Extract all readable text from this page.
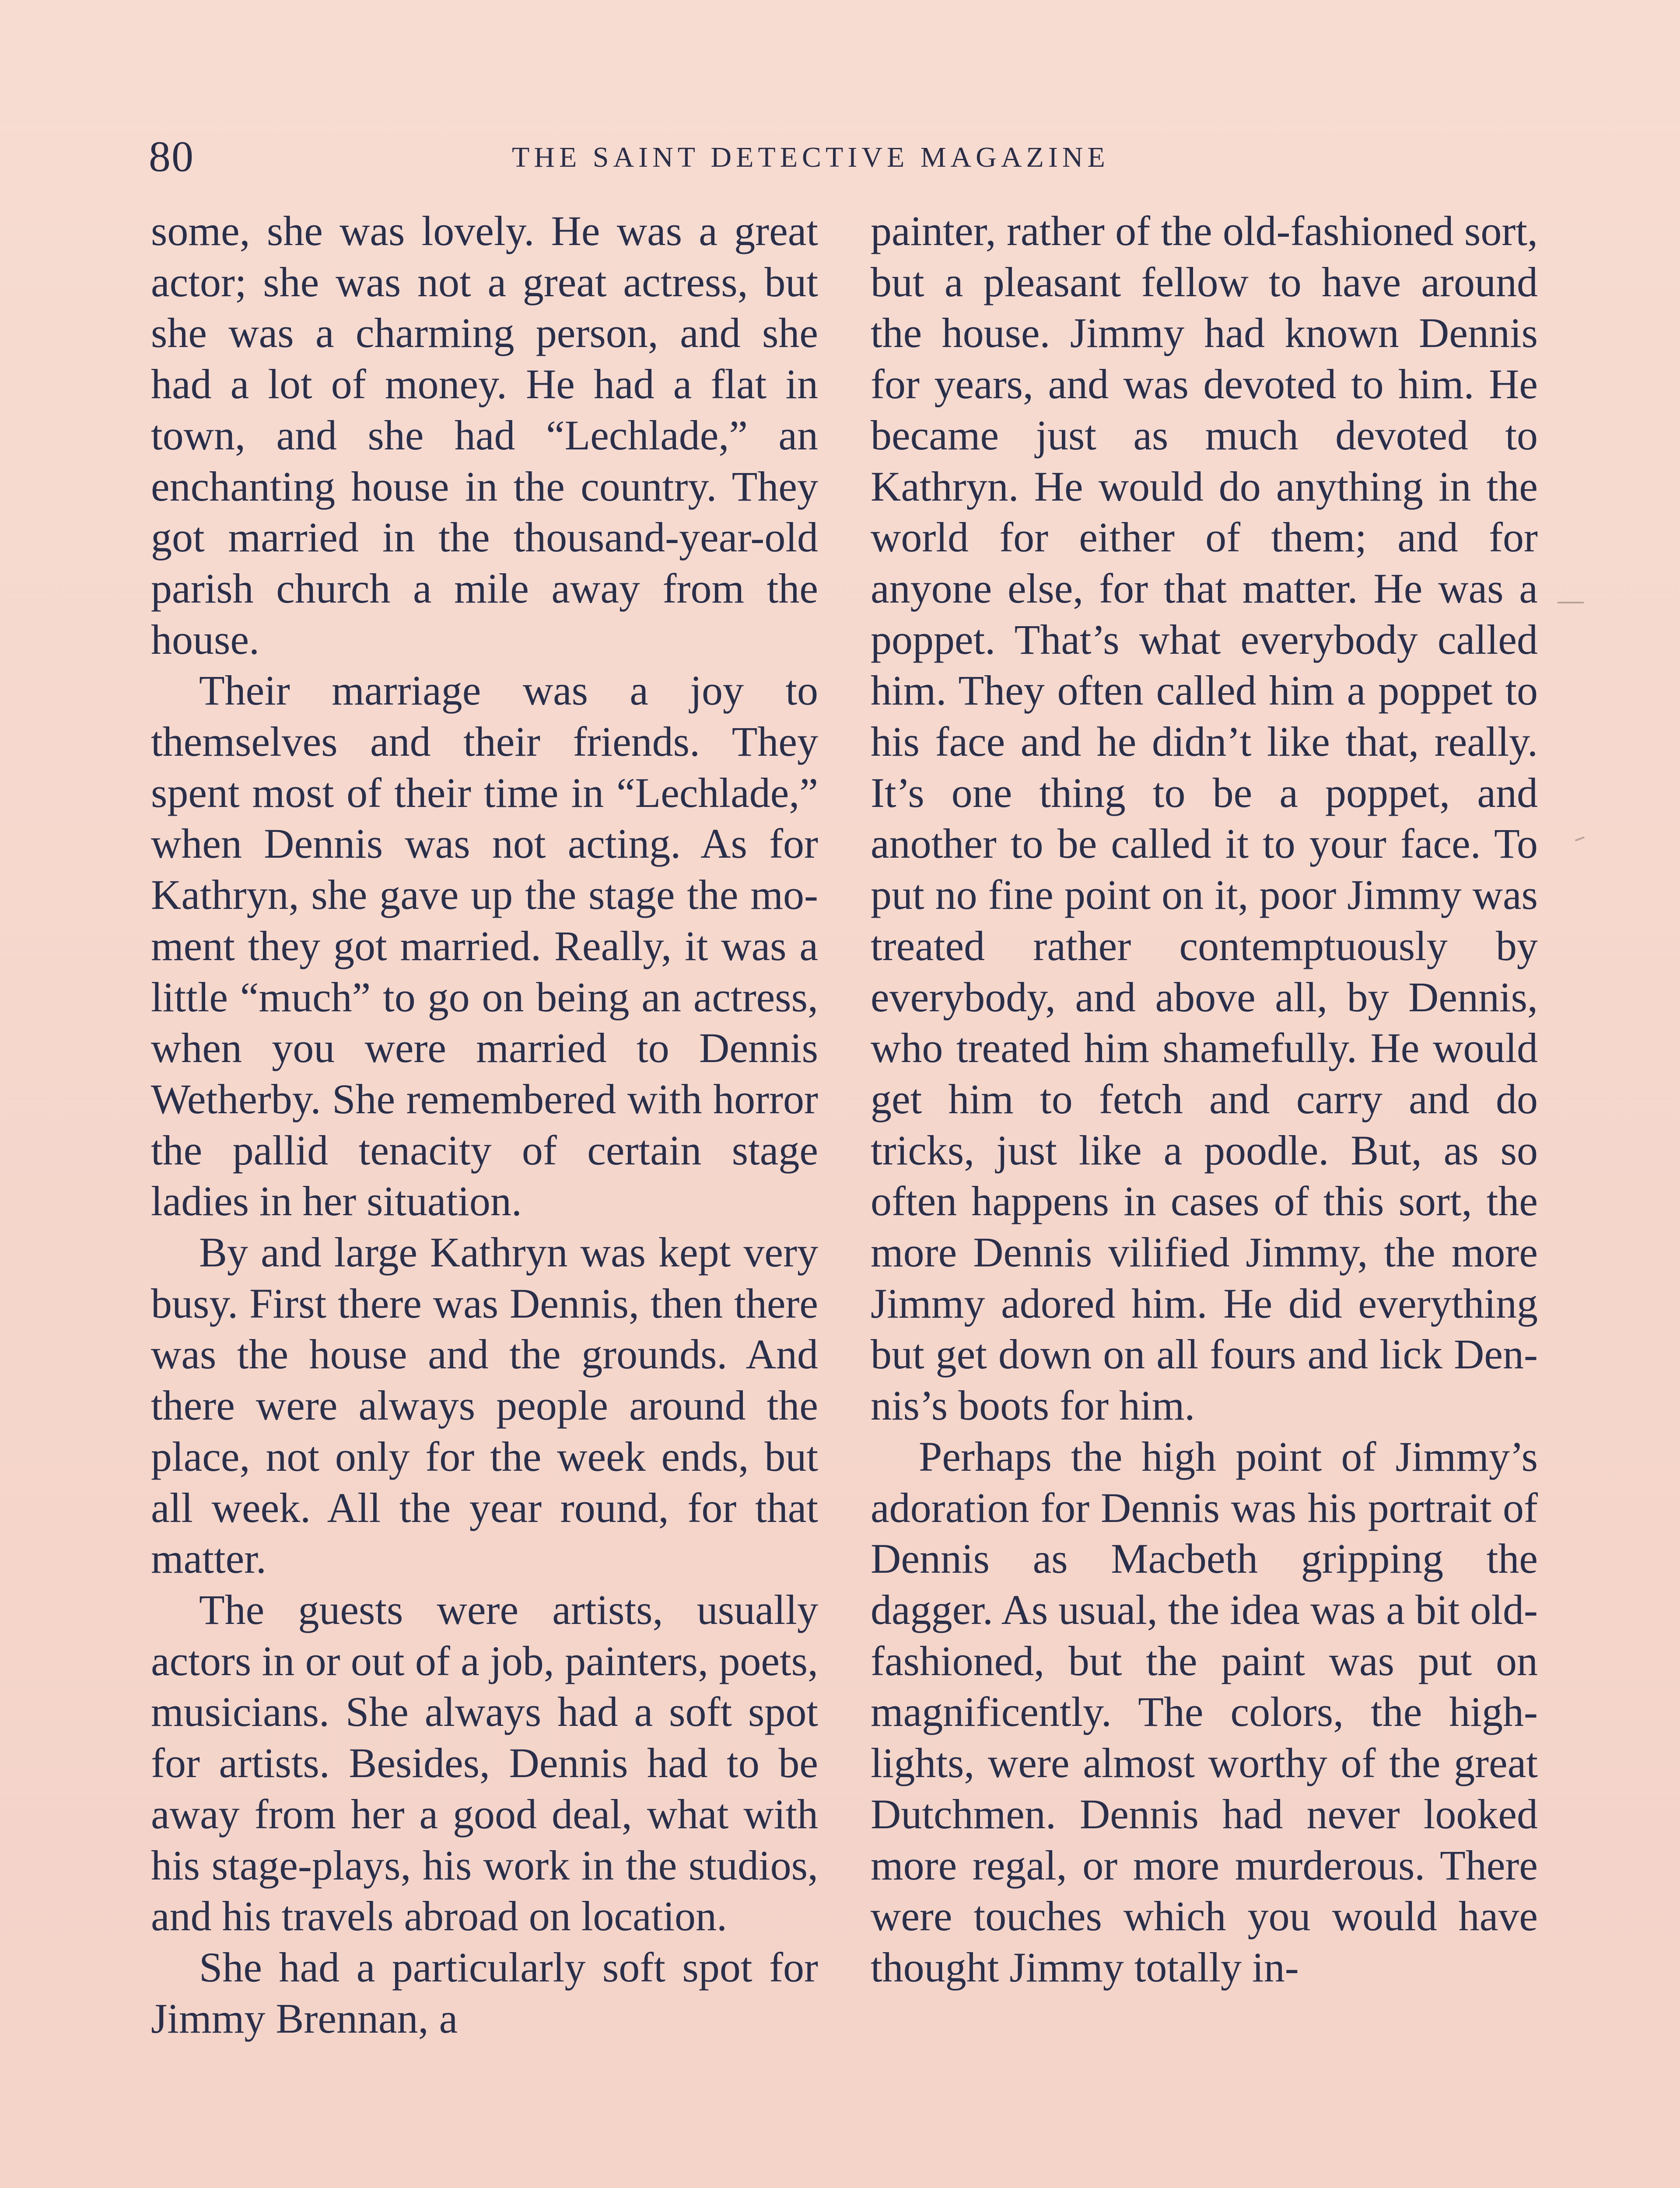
80	THE SAINT DETECTIVE MAGAZINE

some, she was lovely. He was a great actor; she was not a great actress, but she was a charming person, and she had a lot of money. He had a flat in town, and she had “Lechlade,” an enchanting house in the country. They got married in the thousand-year-old parish church a mile away from the house.

Their marriage was a joy to themselves and their friends. They spent most of their time in “Lechlade,” when Dennis was not acting. As for Kathryn, she gave up the stage the moment they got married. Really, it was a little “much” to go on being an actress, when you were married to Dennis Wetherby. She remembered with horror the pallid tenacity of certain stage ladies in her situation.

By and large Kathryn was kept very busy. First there was Dennis, then there was the house and the grounds. And there were always people around the place, not only for the week ends, but all week. All the year round, for that matter.

The guests were artists, usually actors in or out of a job, painters, poets, musicians. She always had a soft spot for artists. Besides, Dennis had to be away from her a good deal, what with his stage-plays, his work in the studios, and his travels abroad on location.

She had a particularly soft spot for Jimmy Brennan, a

painter, rather of the old-fashioned sort, but a pleasant fellow to have around the house. Jimmy had known Dennis for years, and was devoted to him. He became just as much devoted to Kathryn. He would do anything in the world for either of them; and for anyone else, for that matter. He was a poppet. That’s what everybody called him. They often called him a poppet to his face and he didn’t like that, really. It’s one thing to be a poppet, and another to be called it to your face. To put no fine point on it, poor Jimmy was treated rather contemptuously by everybody, and above all, by Dennis, who treated him shamefully. He would get him to fetch and carry and do tricks, just like a poodle. But, as so often happens in cases of this sort, the more Dennis vilified Jimmy, the more Jimmy adored him. He did everything but get down on all fours and lick Dennis’s boots for him.

Perhaps the high point of Jimmy’s adoration for Dennis was his portrait of Dennis as Macbeth gripping the dagger. As usual, the idea was a bit old-fashioned, but the paint was put on magnificently. The colors, the high-lights, were almost worthy of the great Dutchmen. Dennis had never looked more regal, or more murderous. There were touches which you would have thought Jimmy totally in-
